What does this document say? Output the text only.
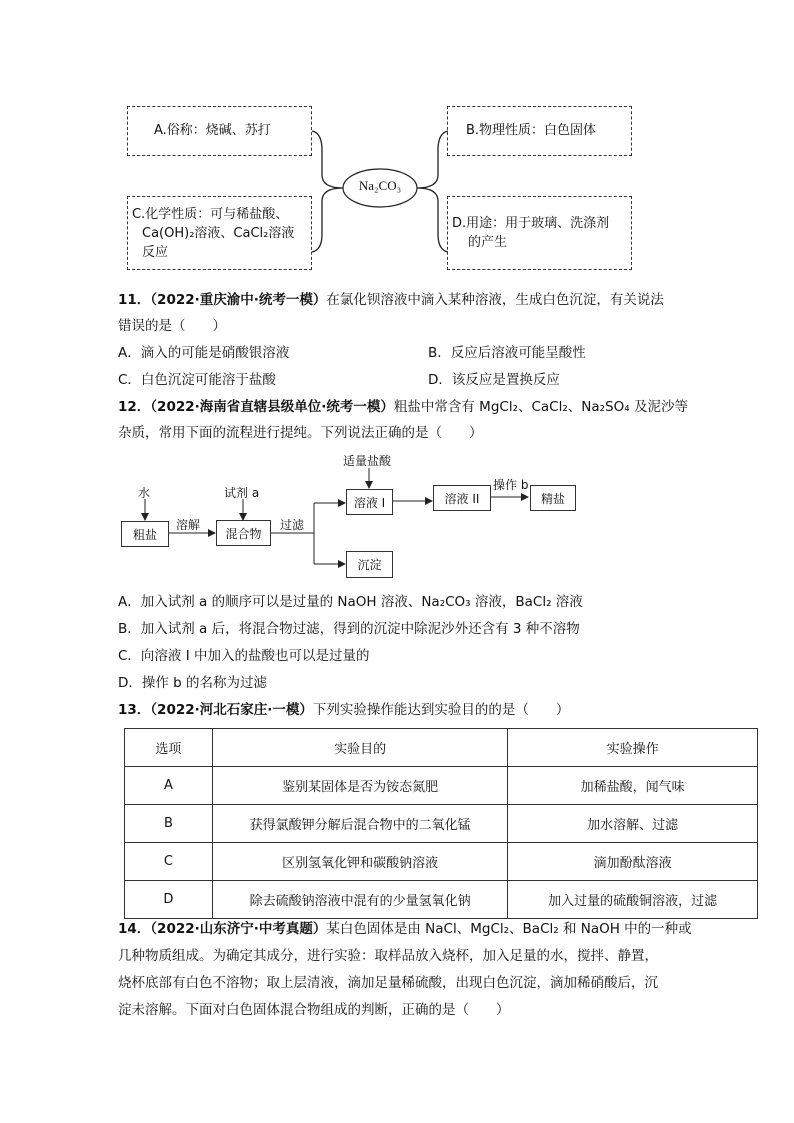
Na₂CO₃
A.俗称：烧碱、苏打	B.物理性质：白色固体
C.化学性质：可与稀盐酸、
Ca(OH)₂溶液、CaCl₂溶液
反应
D.用途：用于玻璃、洗涤剂
的产生
11．（2022·重庆渝中·统考一模）在氯化钡溶液中滴入某种溶液，生成白色沉淀，有关说法
错误的是（　　）
A．滴入的可能是硝酸银溶液	B．反应后溶液可能呈酸性
C．白色沉淀可能溶于盐酸	D．该反应是置换反应
12．（2022·海南省直辖县级单位·统考一模）粗盐中常含有 MgCl₂、CaCl₂、Na₂SO₄ 及泥沙等
杂质，常用下面的流程进行提纯。下列说法正确的是（　　）
水	试剂 a
溶解	过滤
适量盐酸
操作 b
粗盐	混合物
溶液 I	溶液 II	精盐
沉淀
A．加入试剂 a 的顺序可以是过量的 NaOH 溶液、Na₂CO₃ 溶液，BaCl₂ 溶液
B．加入试剂 a 后，将混合物过滤，得到的沉淀中除泥沙外还含有 3 种不溶物
C．向溶液 I 中加入的盐酸也可以是过量的
D．操作 b 的名称为过滤
13．（2022·河北石家庄·一模）下列实验操作能达到实验目的的是（　　）
选项	实验目的	实验操作
A	鉴别某固体是否为铵态氮肥	加稀盐酸，闻气味
B	获得氯酸钾分解后混合物中的二氧化锰	加水溶解、过滤
C	区别氢氧化钾和碳酸钠溶液	滴加酚酞溶液
D	除去硫酸钠溶液中混有的少量氢氧化钠	加入过量的硫酸铜溶液，过滤
14．（2022·山东济宁·中考真题）某白色固体是由 NaCl、MgCl₂、BaCl₂ 和 NaOH 中的一种或
几种物质组成。为确定其成分，进行实验：取样品放入烧杯，加入足量的水，搅拌、静置，
烧杯底部有白色不溶物；取上层清液，滴加足量稀硫酸，出现白色沉淀，滴加稀硝酸后，沉
淀未溶解。下面对白色固体混合物组成的判断，正确的是（　　）
